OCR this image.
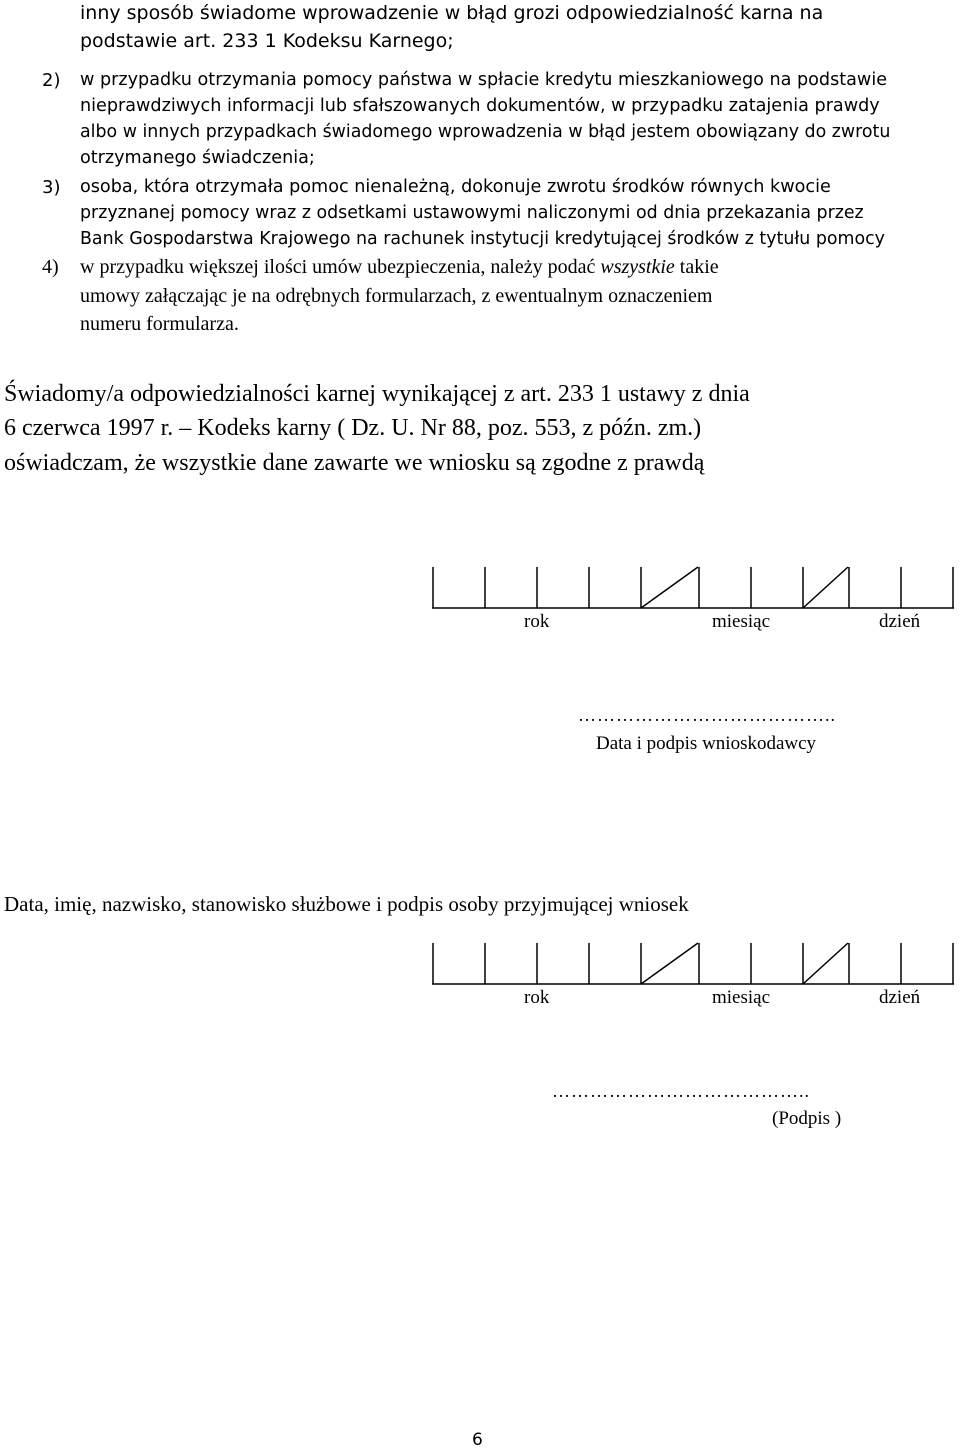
inny sposób świadome wprowadzenie w błąd grozi odpowiedzialność karna na
podstawie art. 233 1 Kodeksu Karnego;
2) w przypadku otrzymania pomocy państwa w spłacie kredytu mieszkaniowego na podstawie
nieprawdziwych informacji lub sfałszowanych dokumentów, w przypadku zatajenia prawdy
albo w innych przypadkach świadomego wprowadzenia w błąd jestem obowiązany do zwrotu
otrzymanego świadczenia;
3) osoba, która otrzymała pomoc nienależną, dokonuje zwrotu środków równych kwocie
przyznanej pomocy wraz z odsetkami ustawowymi naliczonymi od dnia przekazania przez
Bank Gospodarstwa Krajowego na rachunek instytucji kredytującej środków z tytułu pomocy
4) w przypadku większej ilości umów ubezpieczenia, należy podać wszystkie takie
umowy załączając je na odrębnych formularzach, z ewentualnym oznaczeniem
numeru formularza.
Świadomy/a odpowiedzialności karnej wynikającej z art. 233 1 ustawy z dnia
6 czerwca 1997 r. – Kodeks karny ( Dz. U. Nr 88, poz. 553, z późn. zm.)
oświadczam, że wszystkie dane zawarte we wniosku są zgodne z prawdą
rok	miesiąc	dzień
…………………………………..
Data i podpis wnioskodawcy
Data, imię, nazwisko, stanowisko służbowe i podpis osoby przyjmującej wniosek
rok	miesiąc	dzień
…………………………………..
(Podpis )
6
